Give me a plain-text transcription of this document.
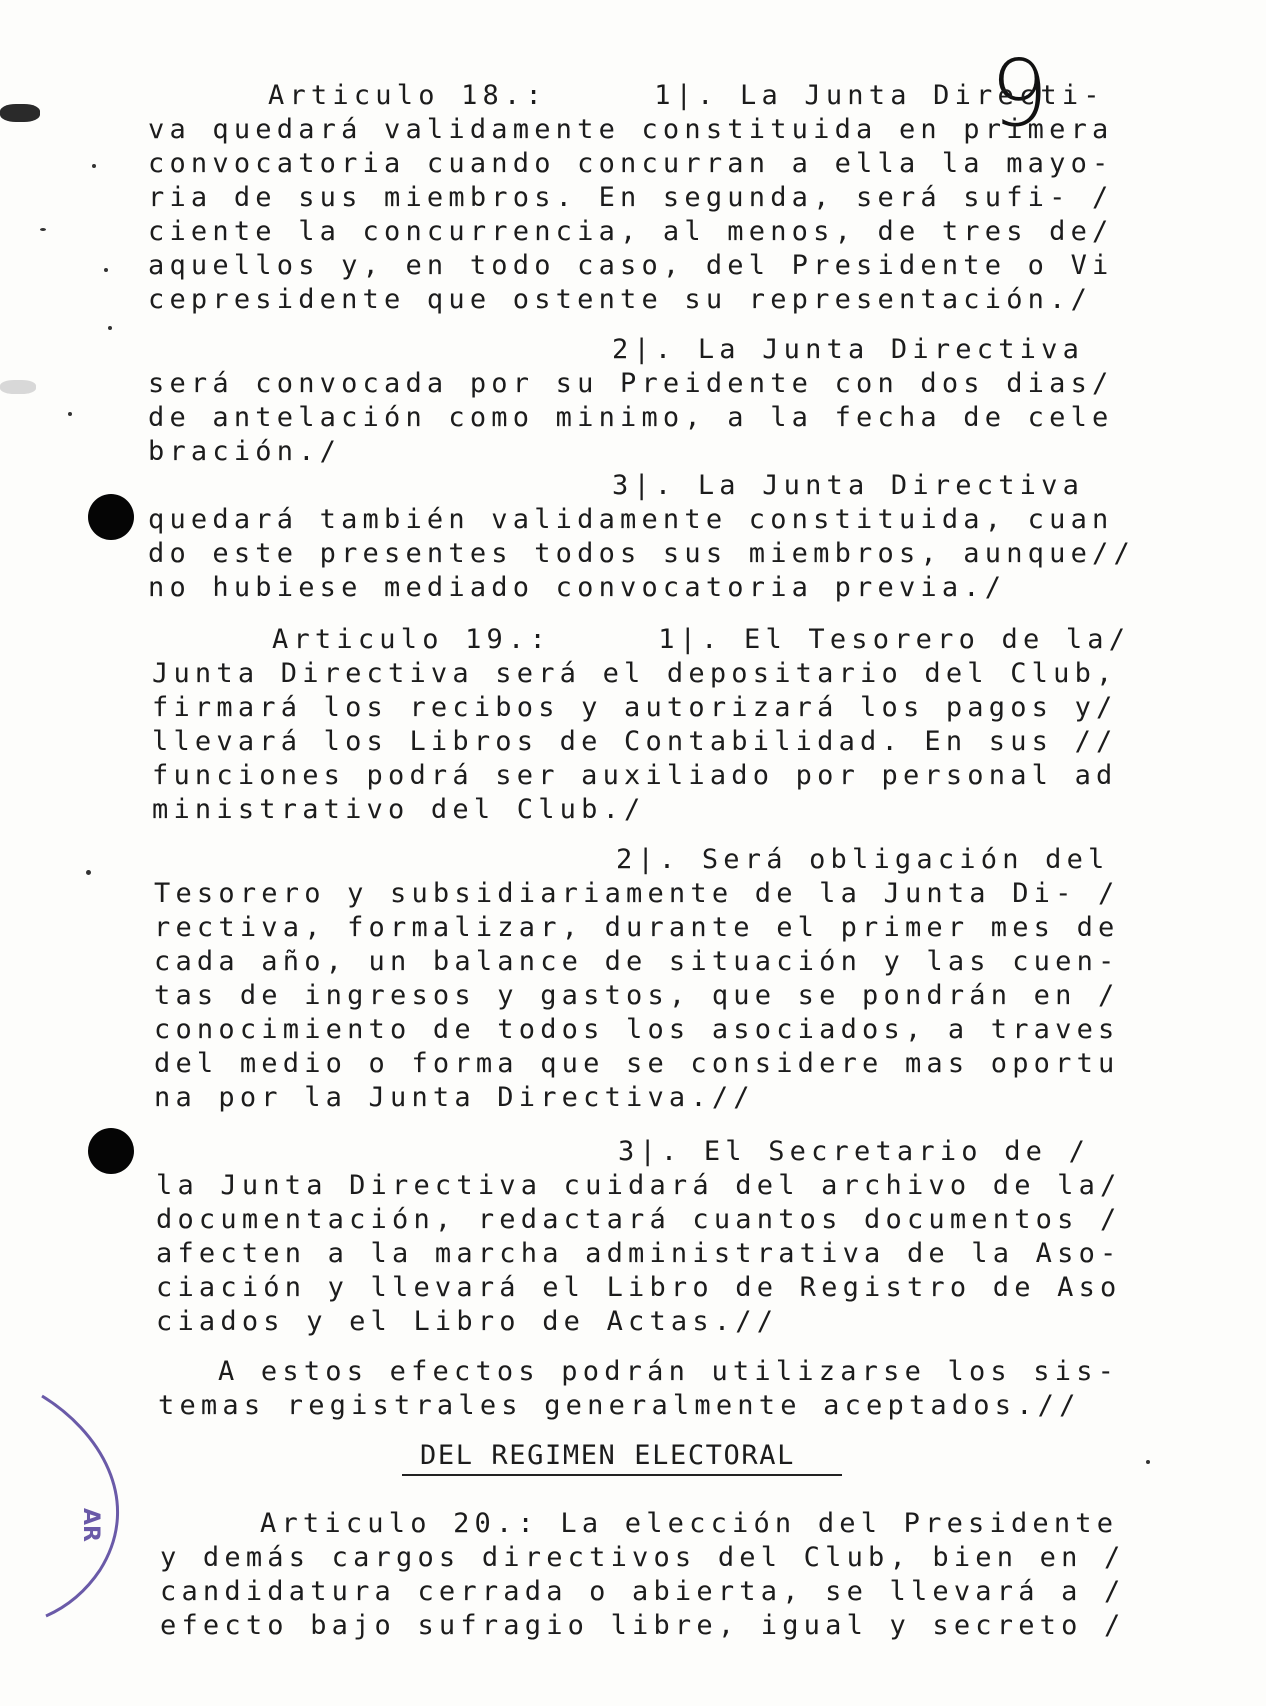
9
Articulo 18.:     1|. La Junta Directi-
va quedará validamente constituida en primera
convocatoria cuando concurran a ella la mayo-
ria de sus miembros. En segunda, será sufi- /
ciente la concurrencia, al menos, de tres de/
aquellos y, en todo caso, del Presidente o Vi
cepresidente que ostente su representación./
2|. La Junta Directiva
será convocada por su Preidente con dos dias/
de antelación como minimo, a la fecha de cele
bración./
3|. La Junta Directiva
quedará también validamente constituida, cuan
do este presentes todos sus miembros, aunque//
no hubiese mediado convocatoria previa./
Articulo 19.:     1|. El Tesorero de la/
Junta Directiva será el depositario del Club,
firmará los recibos y autorizará los pagos y/
llevará los Libros de Contabilidad. En sus //
funciones podrá ser auxiliado por personal ad
ministrativo del Club./
2|. Será obligación del
Tesorero y subsidiariamente de la Junta Di- /
rectiva, formalizar, durante el primer mes de
cada año, un balance de situación y las cuen-
tas de ingresos y gastos, que se pondrán en /
conocimiento de todos los asociados, a traves
del medio o forma que se considere mas oportu
na por la Junta Directiva.//
3|. El Secretario de /
la Junta Directiva cuidará del archivo de la/
documentación, redactará cuantos documentos /
afecten a la marcha administrativa de la Aso-
ciación y llevará el Libro de Registro de Aso
ciados y el Libro de Actas.//
A estos efectos podrán utilizarse los sis-
temas registrales generalmente aceptados.//
DEL REGIMEN ELECTORAL
Articulo 20.: La elección del Presidente
y demás cargos directivos del Club, bien en /
candidatura cerrada o abierta, se llevará a /
efecto bajo sufragio libre, igual y secreto /
AR
